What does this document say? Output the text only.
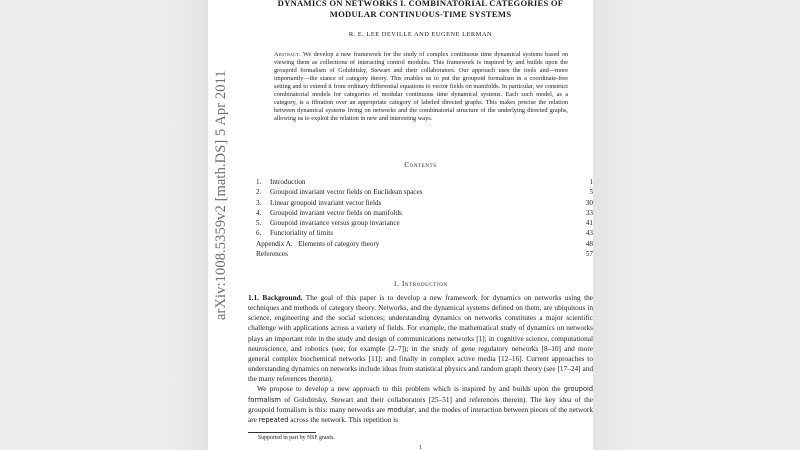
arXiv:1008.5359v2 [math.DS] 5 Apr 2011
DYNAMICS ON NETWORKS I. COMBINATORIAL CATEGORIES OF
MODULAR CONTINUOUS-TIME SYSTEMS
R. E. LEE DEVILLE AND EUGENE LERMAN
Abstract. We develop a new framework for the study of complex continuous time dynamical systems based on viewing them as collections of interacting control modules. This framework is inspired by and builds upon the groupoid formalism of Golubitsky, Stewart and their collaborators. Our approach uses the tools and—more importantly—the stance of category theory. This enables us to put the groupoid formalism in a coordinate-free setting and to extend it from ordinary differential equations to vector fields on manifolds. In particular, we construct combinatorial models for categories of modular continuous time dynamical systems. Each such model, as a category, is a fibration over an appropriate category of labeled directed graphs. This makes precise the relation between dynamical systems living on networks and the combinatorial structure of the underlying directed graphs, allowing us to exploit the relation in new and interesting ways.
Contents
1. Introduction	1
2. Groupoid invariant vector fields on Euclidean spaces	5
3. Linear groupoid invariant vector fields	30
4. Groupoid invariant vector fields on manifolds	33
5. Groupoid invariance versus group invariance	41
6. Functoriality of limits	43
Appendix A.   Elements of category theory	48
References	57
1. Introduction

1.1. Background. The goal of this paper is to develop a new framework for dynamics on networks using the techniques and methods of category theory. Networks, and the dynamical systems defined on them, are ubiquitous in science, engineering and the social sciences; understanding dynamics on networks constitutes a major scientific challenge with applications across a variety of fields. For example, the mathematical study of dynamics on networks plays an important role in the study and design of communications networks [1]; in cognitive science, computational neuroscience, and robotics (see, for example [2–7]); in the study of gene regulatory networks [8–10] and more general complex biochemical networks [11]; and finally in complex active media [12–16]. Current approaches to understanding dynamics on networks include ideas from statistical physics and random graph theory (see [17–24] and the many references therein).

We propose to develop a new approach to this problem which is inspired by and builds upon the groupoid formalism of Golubitsky, Stewart and their collaborators [25–51] and references therein). The key idea of the groupoid formalism is this: many networks are modular, and the modes of interaction between pieces of the network are repeated across the network. This repetition is

Supported in part by NSF grants.
1
